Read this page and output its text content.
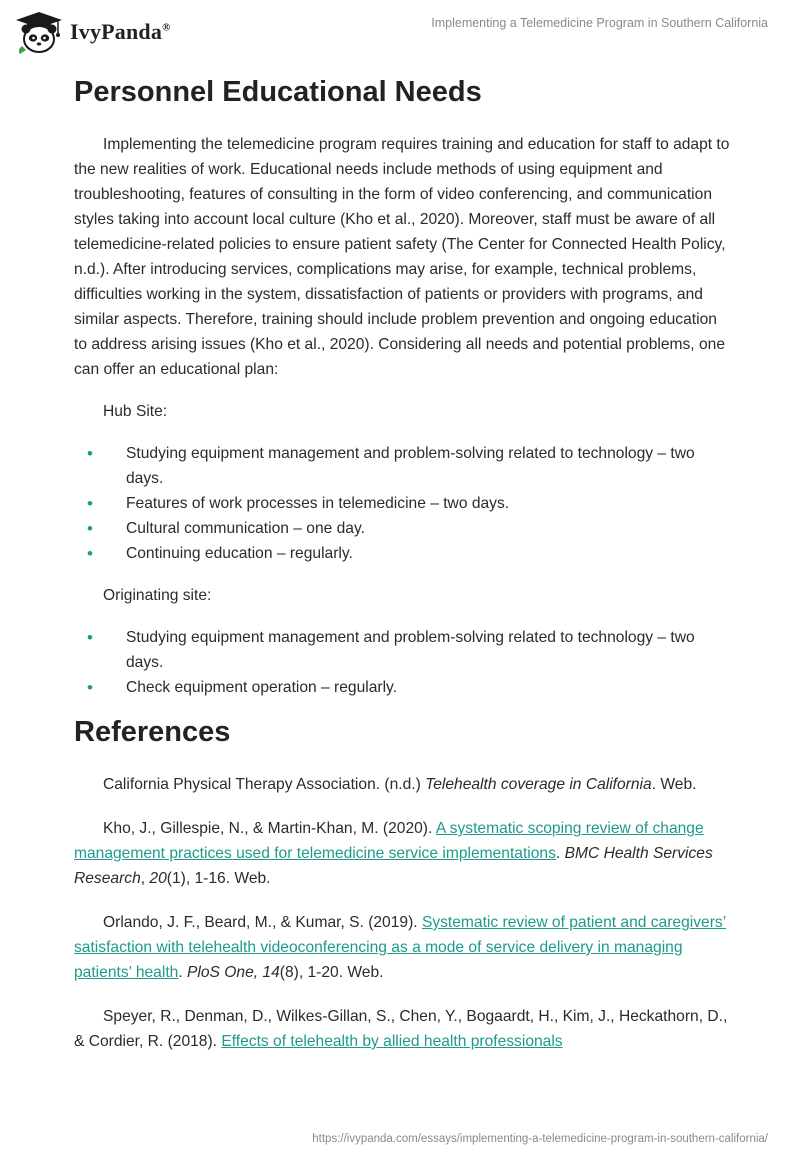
IvyPanda®	Implementing a Telemedicine Program in Southern California
Personnel Educational Needs

Implementing the telemedicine program requires training and education for staff to adapt to the new realities of work. Educational needs include methods of using equipment and troubleshooting, features of consulting in the form of video conferencing, and communication styles taking into account local culture (Kho et al., 2020). Moreover, staff must be aware of all telemedicine-related policies to ensure patient safety (The Center for Connected Health Policy, n.d.). After introducing services, complications may arise, for example, technical problems, difficulties working in the system, dissatisfaction of patients or providers with programs, and similar aspects. Therefore, training should include problem prevention and ongoing education to address arising issues (Kho et al., 2020). Considering all needs and potential problems, one can offer an educational plan:

Hub Site:

• Studying equipment management and problem-solving related to technology – two days.
• Features of work processes in telemedicine – two days.
• Cultural communication – one day.
• Continuing education – regularly.

Originating site:

• Studying equipment management and problem-solving related to technology – two days.
• Check equipment operation – regularly.
References

California Physical Therapy Association. (n.d.) Telehealth coverage in California. Web.

Kho, J., Gillespie, N., & Martin-Khan, M. (2020). A systematic scoping review of change management practices used for telemedicine service implementations. BMC Health Services Research, 20(1), 1-16. Web.

Orlando, J. F., Beard, M., & Kumar, S. (2019). Systematic review of patient and caregivers’ satisfaction with telehealth videoconferencing as a mode of service delivery in managing patients’ health. PloS One, 14(8), 1-20. Web.

Speyer, R., Denman, D., Wilkes-Gillan, S., Chen, Y., Bogaardt, H., Kim, J., Heckathorn, D., & Cordier, R. (2018). Effects of telehealth by allied health professionals

https://ivypanda.com/essays/implementing-a-telemedicine-program-in-southern-california/
